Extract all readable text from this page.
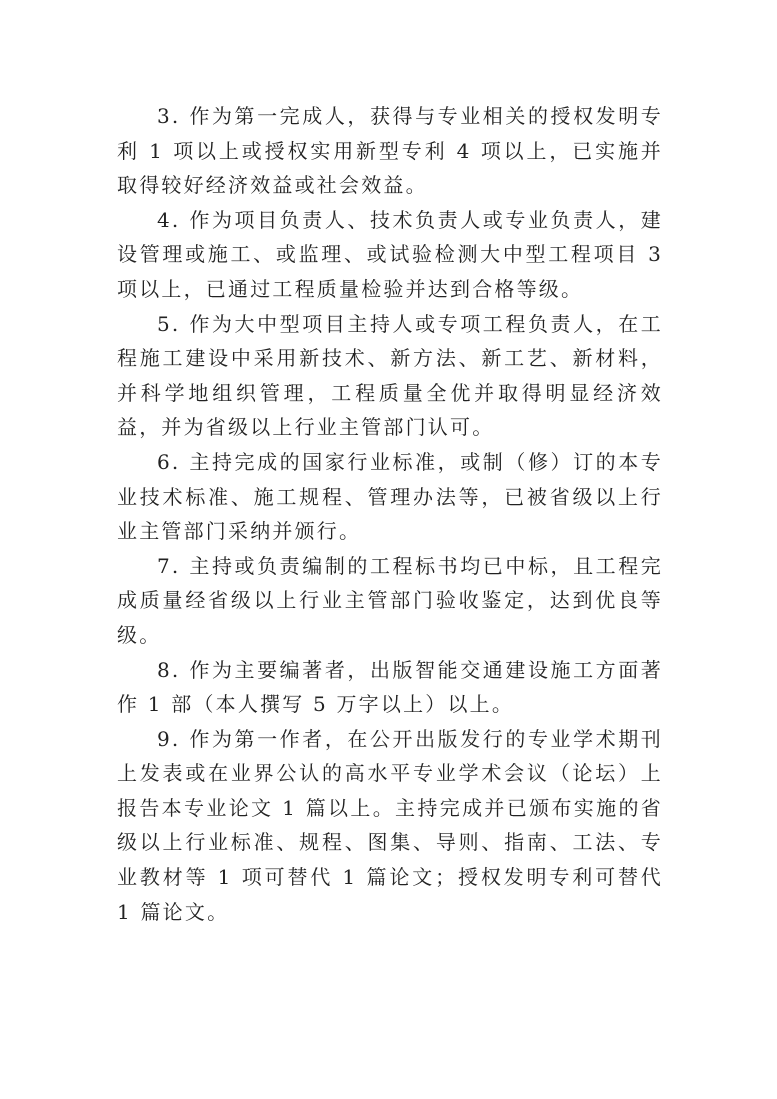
3. 作为第一完成人，获得与专业相关的授权发明专利 1 项以上或授权实用新型专利 4 项以上，已实施并取得较好经济效益或社会效益。

4. 作为项目负责人、技术负责人或专业负责人，建设管理或施工、或监理、或试验检测大中型工程项目 3 项以上，已通过工程质量检验并达到合格等级。

5. 作为大中型项目主持人或专项工程负责人，在工程施工建设中采用新技术、新方法、新工艺、新材料，并科学地组织管理，工程质量全优并取得明显经济效益，并为省级以上行业主管部门认可。

6. 主持完成的国家行业标准，或制（修）订的本专业技术标准、施工规程、管理办法等，已被省级以上行业主管部门采纳并颁行。

7. 主持或负责编制的工程标书均已中标，且工程完成质量经省级以上行业主管部门验收鉴定，达到优良等级。

8. 作为主要编著者，出版智能交通建设施工方面著作 1 部（本人撰写 5 万字以上）以上。

9. 作为第一作者，在公开出版发行的专业学术期刊上发表或在业界公认的高水平专业学术会议（论坛）上报告本专业论文 1 篇以上。主持完成并已颁布实施的省级以上行业标准、规程、图集、导则、指南、工法、专业教材等 1 项可替代 1 篇论文；授权发明专利可替代 1 篇论文。
